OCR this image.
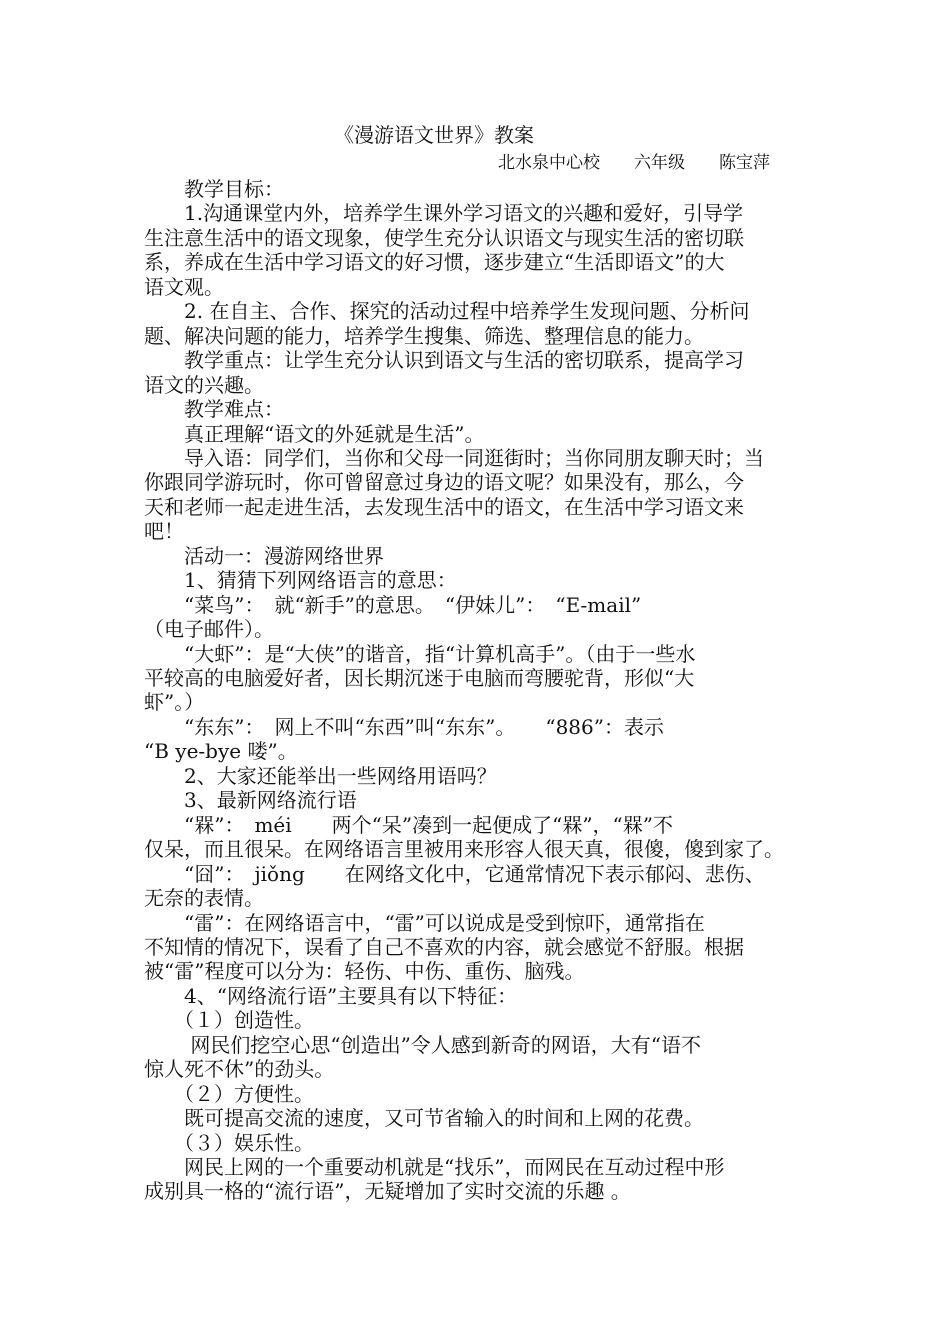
《漫游语文世界》教案
北水泉中心校　　六年级　　陈宝萍
　　教学目标：
　　1.沟通课堂内外，培养学生课外学习语文的兴趣和爱好，引导学
生注意生活中的语文现象，使学生充分认识语文与现实生活的密切联
系，养成在生活中学习语文的好习惯，逐步建立“生活即语文”的大
语文观。
　　2. 在自主、合作、探究的活动过程中培养学生发现问题、分析问
题、解决问题的能力，培养学生搜集、筛选、整理信息的能力。
　　教学重点：让学生充分认识到语文与生活的密切联系，提高学习
语文的兴趣。
　　教学难点：
　　真正理解“语文的外延就是生活”。
　　导入语：同学们，当你和父母一同逛街时；当你同朋友聊天时；当
你跟同学游玩时，你可曾留意过身边的语文呢？如果没有，那么，今
天和老师一起走进生活，去发现生活中的语文，在生活中学习语文来
吧！
　　活动一：漫游网络世界
　　1、猜猜下列网络语言的意思：
　　“菜鸟”：　就“新手”的意思。　“伊妹儿”：　“E-mail”
（电子邮件）。
　　“大虾”：是“大侠”的谐音，指“计算机高手”。（由于一些水
平较高的电脑爱好者，因长期沉迷于电脑而弯腰驼背，形似“大
虾”。）
　　“东东”：　网上不叫“东西”叫“东东”。　　“886”：表示
“B ye-bye 喽”。
　　2、大家还能举出一些网络用语吗？
　　3、最新网络流行语
　　“槑”：　méi　　两个“呆”凑到一起便成了“槑”，“槑”不
仅呆，而且很呆。在网络语言里被用来形容人很天真，很傻，傻到家了。
　　“囧”：　jiǒng　　在网络文化中，它通常情况下表示郁闷、悲伤、
无奈的表情。
　　“雷”：在网络语言中，“雷”可以说成是受到惊吓，通常指在
不知情的情况下，误看了自己不喜欢的内容，就会感觉不舒服。根据
被“雷”程度可以分为：轻伤、中伤、重伤、脑残。
　　4、“网络流行语”主要具有以下特征：
　　（１）创造性。
　　 网民们挖空心思“创造出”令人感到新奇的网语，大有“语不
惊人死不休”的劲头。
　　（２）方便性。
　　既可提高交流的速度，又可节省输入的时间和上网的花费。
　　（３）娱乐性。
　　网民上网的一个重要动机就是“找乐”，而网民在互动过程中形
成别具一格的“流行语”，无疑增加了实时交流的乐趣 。
